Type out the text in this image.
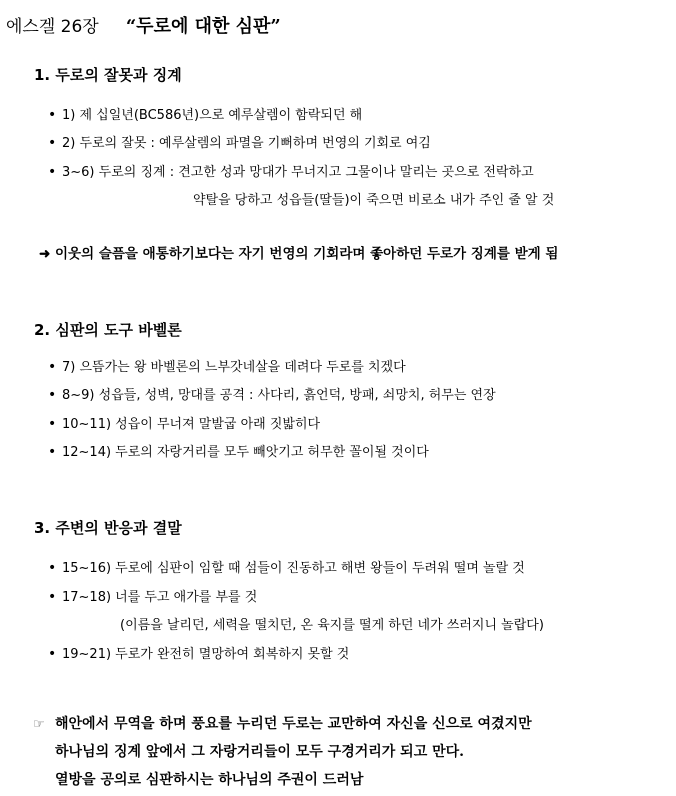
에스겔 26장 “두로에 대한 심판”
1. 두로의 잘못과 징계
• 1) 제 십일년(BC586년)으로 예루살렘이 함락되던 해
• 2) 두로의 잘못 : 예루살렘의 파멸을 기뻐하며 번영의 기회로 여김
• 3~6) 두로의 징계 : 견고한 성과 망대가 무너지고 그물이나 말리는 곳으로 전락하고
약탈을 당하고 성읍들(딸들)이 죽으면 비로소 내가 주인 줄 알 것
➜ 이웃의 슬픔을 애통하기보다는 자기 번영의 기회라며 좋아하던 두로가 징계를 받게 됨
2. 심판의 도구 바벨론
• 7) 으뜸가는 왕 바벨론의 느부갓네살을 데려다 두로를 치겠다
• 8~9) 성읍들, 성벽, 망대를 공격 : 사다리, 흙언덕, 방패, 쇠망치, 허무는 연장
• 10~11) 성읍이 무너져 말발굽 아래 짓밟히다
• 12~14) 두로의 자랑거리를 모두 빼앗기고 허무한 꼴이될 것이다
3. 주변의 반응과 결말
• 15~16) 두로에 심판이 임할 때 섬들이 진동하고 해변 왕들이 두려워 떨며 놀랄 것
• 17~18) 너를 두고 애가를 부를 것
(이름을 날리던, 세력을 떨치던, 온 육지를 떨게 하던 네가 쓰러지니 놀랍다)
• 19~21) 두로가 완전히 멸망하여 회복하지 못할 것
☞ 해안에서 무역을 하며 풍요를 누리던 두로는 교만하여 자신을 신으로 여겼지만
하나님의 징계 앞에서 그 자랑거리들이 모두 구경거리가 되고 만다.
열방을 공의로 심판하시는 하나님의 주권이 드러남
